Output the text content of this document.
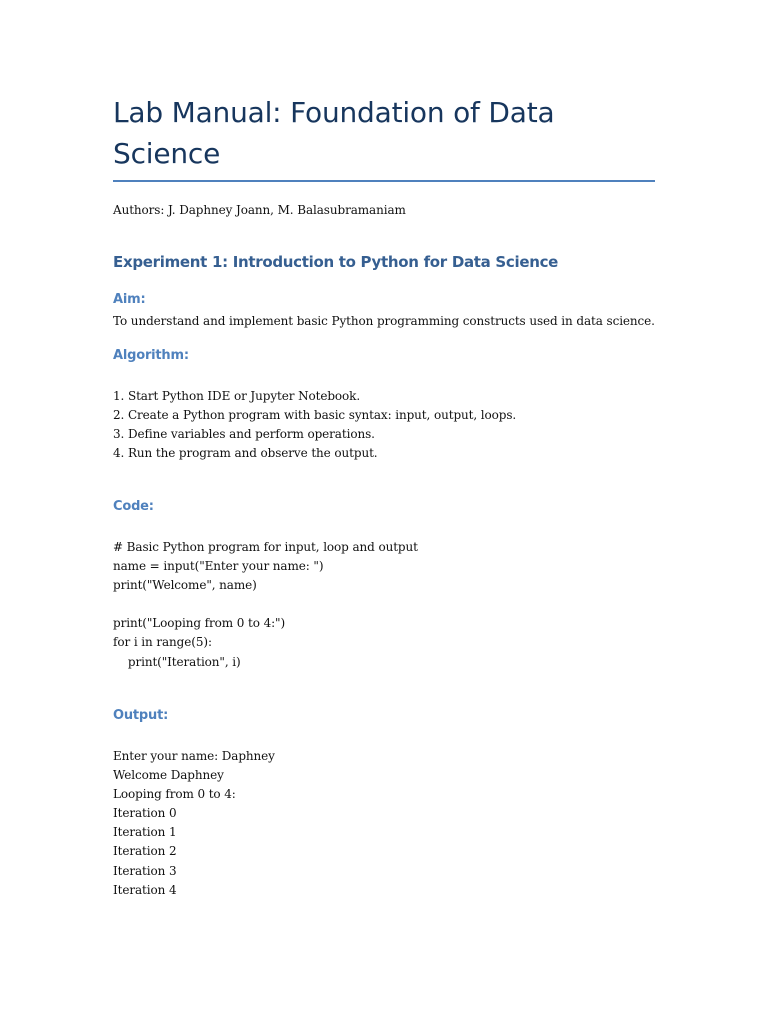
Lab Manual: Foundation of Data Science

Authors: J. Daphney Joann, M. Balasubramaniam

Experiment 1: Introduction to Python for Data Science
Aim:

To understand and implement basic Python programming constructs used in data science.

Algorithm:
1. Start Python IDE or Jupyter Notebook.
2. Create a Python program with basic syntax: input, output, loops.
3. Define variables and perform operations.
4. Run the program and observe the output.
Code:
# Basic Python program for input, loop and output
name = input("Enter your name: ")
print("Welcome", name)

print("Looping from 0 to 4:")
for i in range(5):
print("Iteration", i)
Output:
Enter your name: Daphney
Welcome Daphney
Looping from 0 to 4:
Iteration 0
Iteration 1
Iteration 2
Iteration 3
Iteration 4
